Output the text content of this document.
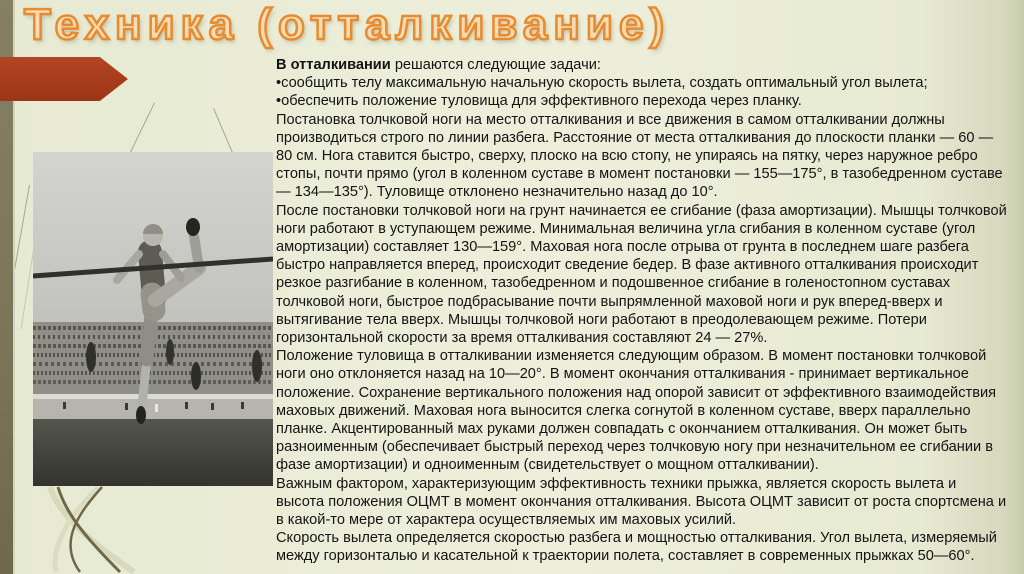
Техника (отталкивание)

В отталкивании решаются следующие задачи:

•сообщить телу максимальную начальную скорость вылета, создать оптимальный угол вылета;

•обеспечить положение туловища для эффективного перехода через планку.

Постановка толчковой ноги на место отталкивания и все движения в самом отталкивании должны производиться строго по линии разбега. Расстояние от места отталкивания до плоскости планки — 60 — 80 см. Нога ставится быстро, сверху, плоско на всю стопу, не упираясь на пятку, через наружное ребро стопы, почти прямо (угол в коленном суставе в момент постановки — 155—175°, в тазобедренном суставе — 134—135°). Туловище отклонено незначительно назад до 10°.

После постановки толчковой ноги на грунт начинается ее сгибание (фаза амортизации). Мышцы толчковой ноги работают в уступающем режиме. Минимальная величина угла сгибания в коленном суставе (угол амортизации) составляет 130—159°. Маховая нога после отрыва от грунта в последнем шаге разбега быстро направляется вперед, происходит сведение бедер. В фазе активного отталкивания происходит резкое разгибание в коленном, тазобедренном и подошвенное сгибание в голеностопном суставах толчковой ноги, быстрое подбрасывание почти выпрямленной маховой ноги и рук вперед-вверх и вытягивание тела вверх. Мышцы толчковой ноги работают в преодолевающем режиме. Потери горизонтальной скорости за время отталкивания составляют 24 — 27%.

Положение туловища в отталкивании изменяется следующим образом. В момент постановки толчковой ноги оно отклоняется назад на 10—20°. В момент окончания отталкивания - принимает вертикальное положение. Сохранение вертикального положения над опорой зависит от эффективного взаимодействия маховых движений. Маховая нога выносится слегка согнутой в коленном суставе, вверх параллельно планке. Акцентированный мах руками должен совпадать с окончанием отталкивания. Он может быть разноименным (обеспечивает быстрый переход через толчковую ногу при незначительном ее сгибании в фазе амортизации) и одноименным (свидетельствует о мощном отталкивании).

Важным фактором, характеризующим эффективность техники прыжка, является скорость вылета и высота положения ОЦМТ в момент окончания отталкивания. Высота ОЦМТ зависит от роста спортсмена и в какой-то мере от характера осуществляемых им маховых усилий.

Скорость вылета определяется скоростью разбега и мощностью отталкивания. Угол вылета, измеряемый между горизонталью и касательной к траектории полета, составляет в современных прыжках 50—60°.
